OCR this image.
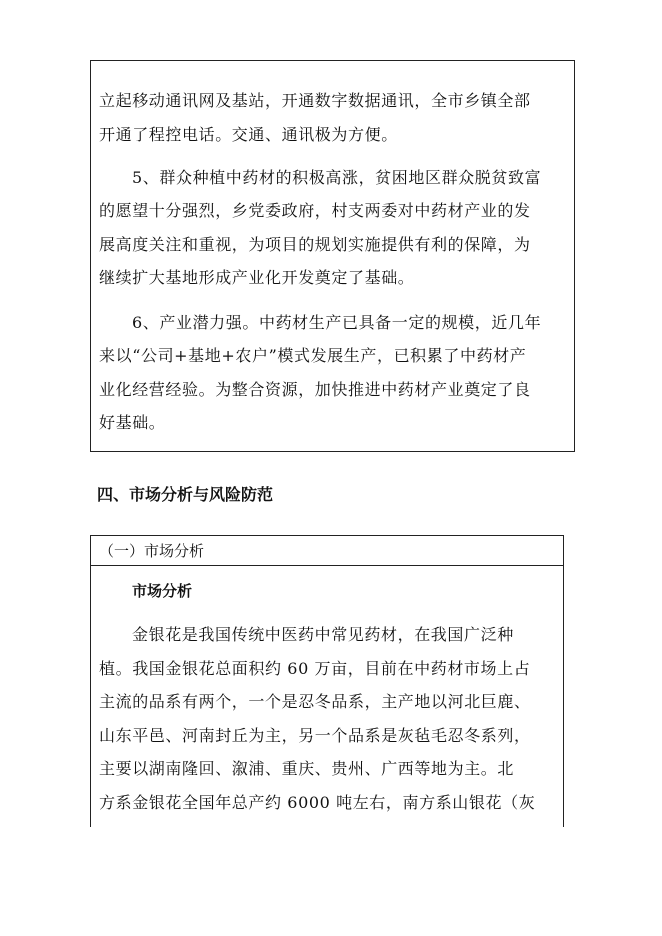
立起移动通讯网及基站，开通数字数据通讯，全市乡镇全部
开通了程控电话。交通、通讯极为方便。
5、群众种植中药材的积极高涨，贫困地区群众脱贫致富
的愿望十分强烈，乡党委政府，村支两委对中药材产业的发
展高度关注和重视，为项目的规划实施提供有利的保障，为
继续扩大基地形成产业化开发奠定了基础。
6、产业潜力强。中药材生产已具备一定的规模，近几年
来以“公司+基地+农户”模式发展生产，已积累了中药材产
业化经营经验。为整合资源，加快推进中药材产业奠定了良
好基础。
四、市场分析与风险防范
（一）市场分析
市场分析
金银花是我国传统中医药中常见药材，在我国广泛种
植。我国金银花总面积约 60 万亩，目前在中药材市场上占
主流的品系有两个，一个是忍冬品系，主产地以河北巨鹿、
山东平邑、河南封丘为主，另一个品系是灰毡毛忍冬系列，
主要以湖南隆回、溆浦、重庆、贵州、广西等地为主。北
方系金银花全国年总产约 6000 吨左右，南方系山银花（灰
